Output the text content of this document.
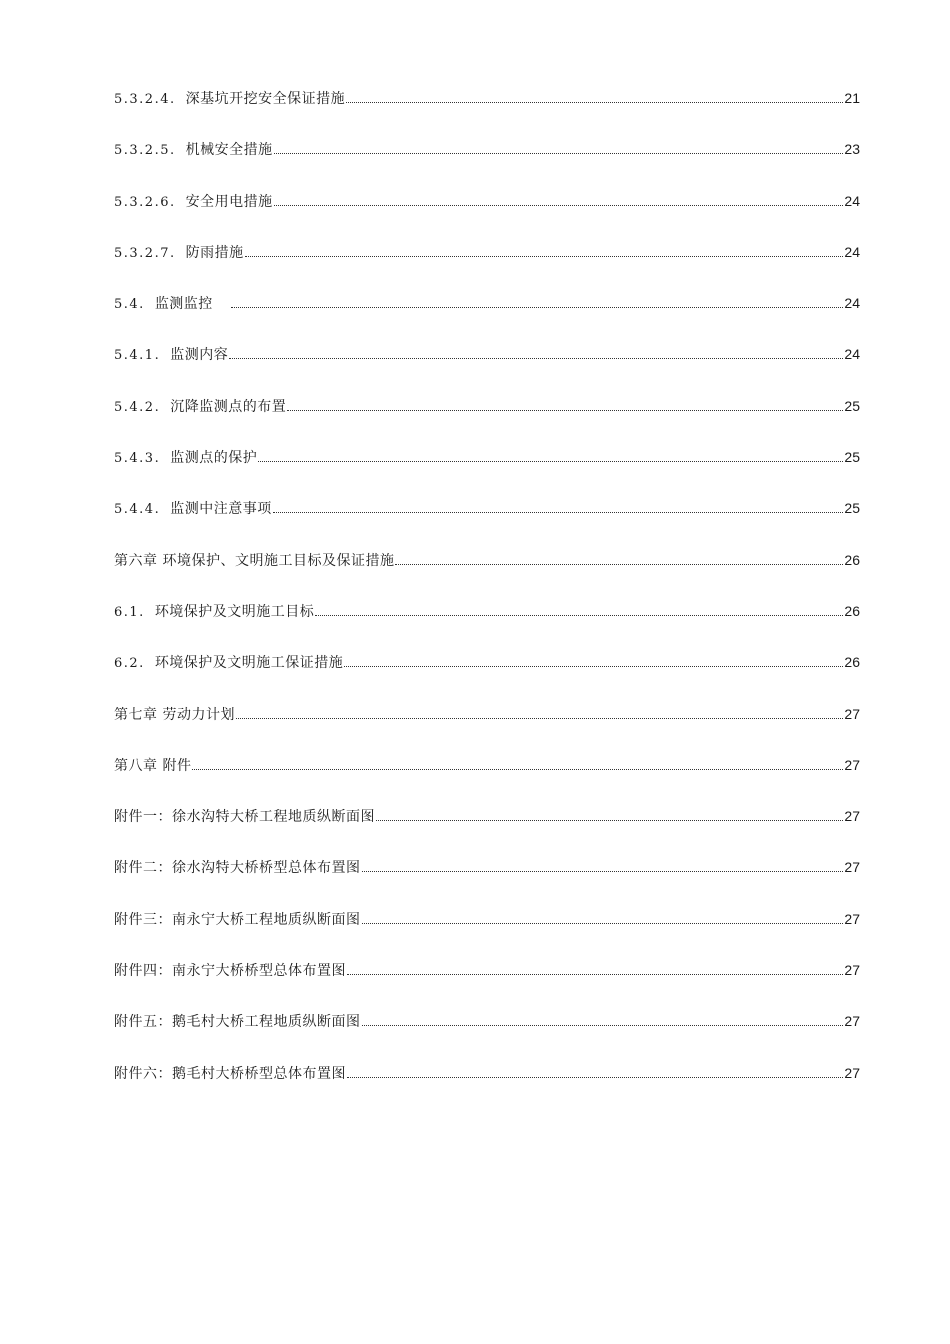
5.3.2.4. 深基坑开挖安全保证措施	21
5.3.2.5. 机械安全措施	23
5.3.2.6. 安全用电措施	24
5.3.2.7. 防雨措施	24
5.4. 监测监控	24
5.4.1. 监测内容	24
5.4.2. 沉降监测点的布置	25
5.4.3. 监测点的保护	25
5.4.4. 监测中注意事项	25
第六章 环境保护、文明施工目标及保证措施	26
6.1. 环境保护及文明施工目标	26
6.2. 环境保护及文明施工保证措施	26
第七章 劳动力计划	27
第八章 附件	27
附件一：徐水沟特大桥工程地质纵断面图	27
附件二：徐水沟特大桥桥型总体布置图	27
附件三：南永宁大桥工程地质纵断面图	27
附件四：南永宁大桥桥型总体布置图	27
附件五：鹅毛村大桥工程地质纵断面图	27
附件六：鹅毛村大桥桥型总体布置图	27
